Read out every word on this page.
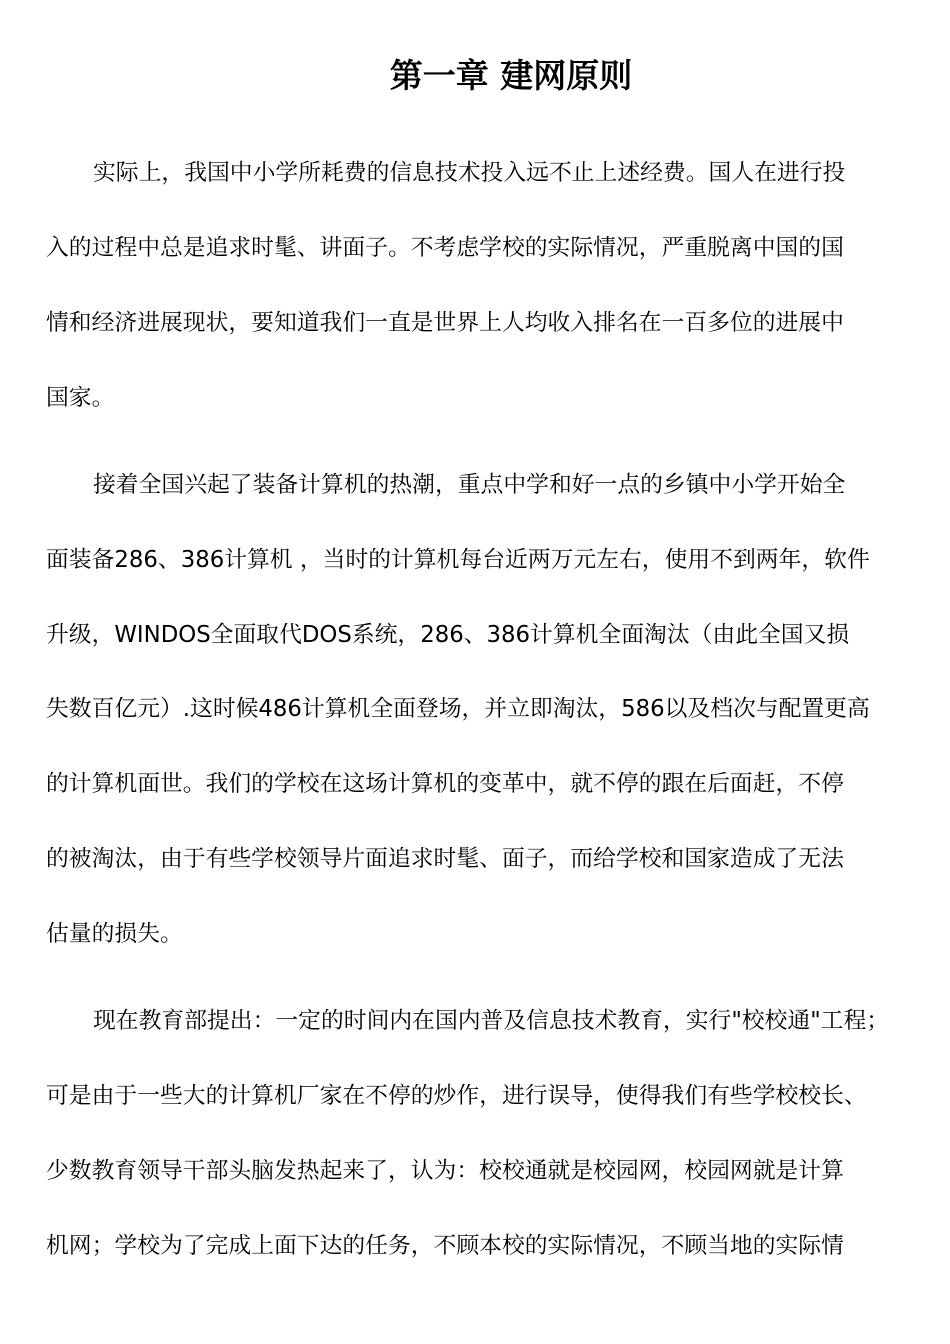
第一章 建网原则

实际上，我国中小学所耗费的信息技术投入远不止上述经费。国人在进行投

入的过程中总是追求时髦、讲面子。不考虑学校的实际情况，严重脱离中国的国

情和经济进展现状，要知道我们一直是世界上人均收入排名在一百多位的进展中

国家。

接着全国兴起了装备计算机的热潮，重点中学和好一点的乡镇中小学开始全

面装备286、386计算机 ，当时的计算机每台近两万元左右，使用不到两年，软件

升级，WINDOS全面取代DOS系统，286、386计算机全面淘汰（由此全国又损

失数百亿元）.这时候486计算机全面登场，并立即淘汰，586以及档次与配置更高

的计算机面世。我们的学校在这场计算机的变革中，就不停的跟在后面赶，不停

的被淘汰，由于有些学校领导片面追求时髦、面子，而给学校和国家造成了无法

估量的损失。

现在教育部提出：一定的时间内在国内普及信息技术教育，实行"校校通"工程；

可是由于一些大的计算机厂家在不停的炒作，进行误导，使得我们有些学校校长、

少数教育领导干部头脑发热起来了，认为：校校通就是校园网，校园网就是计算

机网；学校为了完成上面下达的任务，不顾本校的实际情况，不顾当地的实际情
